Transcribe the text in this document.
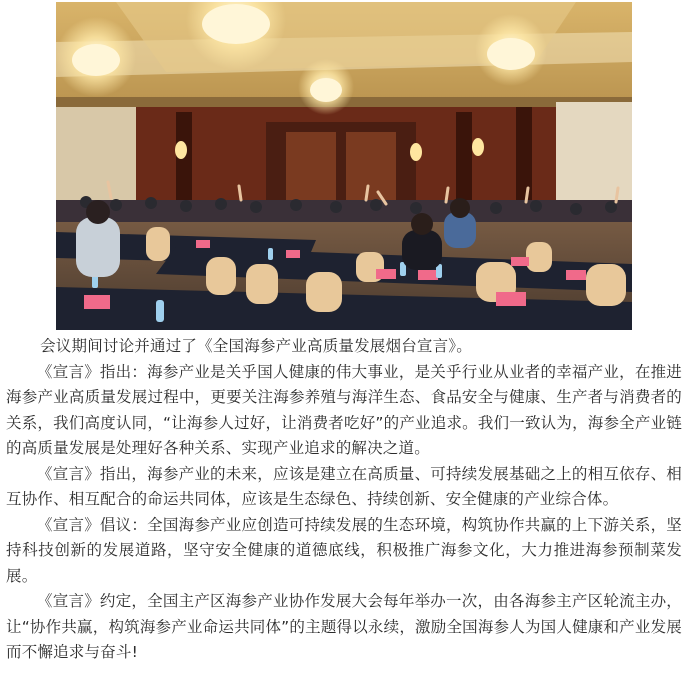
会议期间讨论并通过了《全国海参产业高质量发展烟台宣言》。

《宣言》指出：海参产业是关乎国人健康的伟大事业，是关乎行业从业者的幸福产业，在推进海参产业高质量发展过程中，更要关注海参养殖与海洋生态、食品安全与健康、生产者与消费者的关系，我们高度认同，“让海参人过好，让消费者吃好”的产业追求。我们一致认为，海参全产业链的高质量发展是处理好各种关系、实现产业追求的解决之道。

《宣言》指出，海参产业的未来，应该是建立在高质量、可持续发展基础之上的相互依存、相互协作、相互配合的命运共同体，应该是生态绿色、持续创新、安全健康的产业综合体。

《宣言》倡议：全国海参产业应创造可持续发展的生态环境，构筑协作共赢的上下游关系，坚持科技创新的发展道路，坚守安全健康的道德底线，积极推广海参文化，大力推进海参预制菜发展。

《宣言》约定，全国主产区海参产业协作发展大会每年举办一次，由各海参主产区轮流主办，让“协作共赢，构筑海参产业命运共同体”的主题得以永续，激励全国海参人为国人健康和产业发展而不懈追求与奋斗!
